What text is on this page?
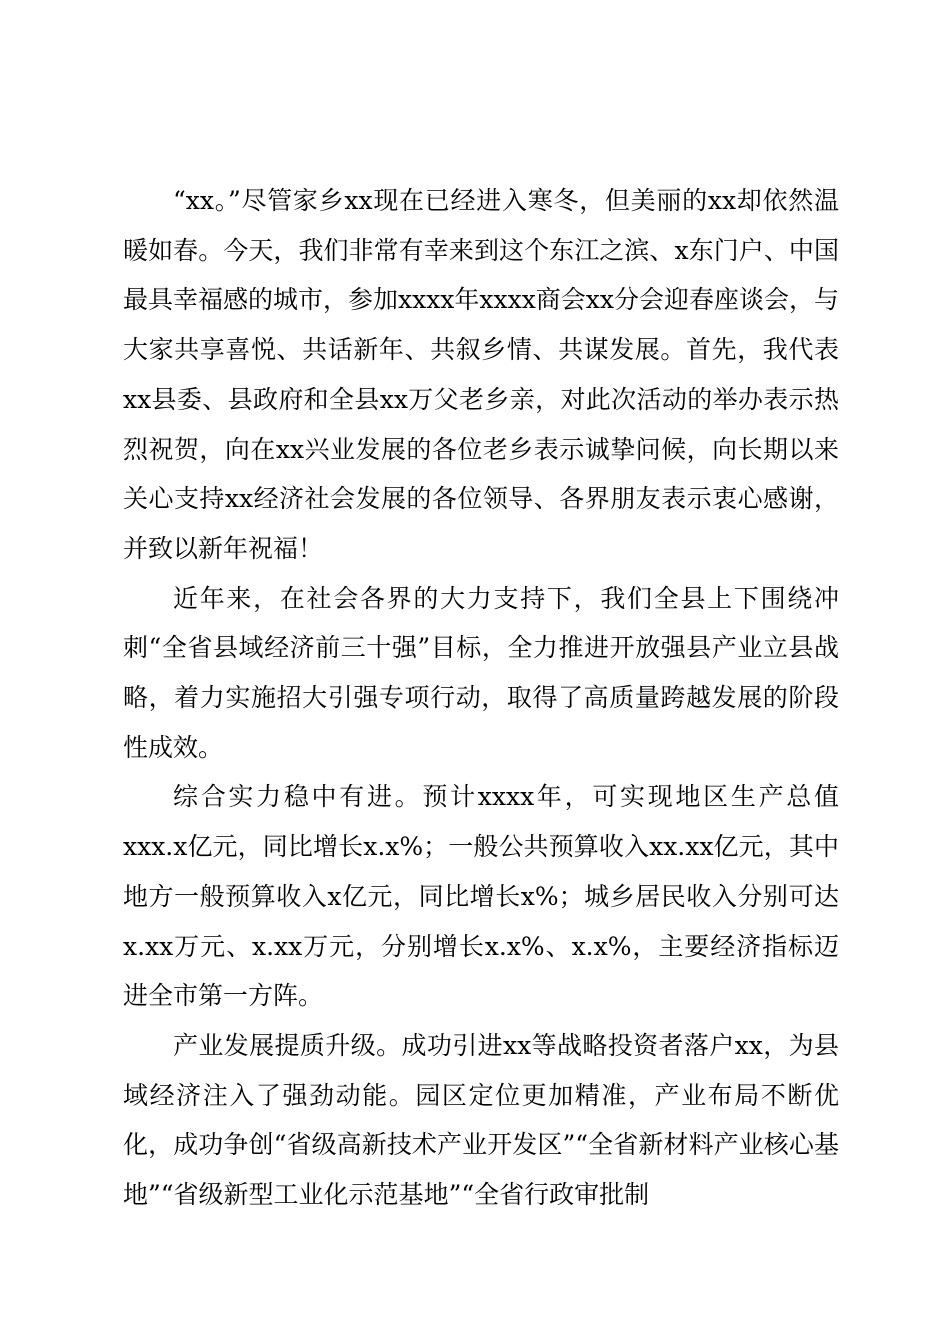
“xx。”尽管家乡xx现在已经进入寒冬，但美丽的xx却依然温暖如春。今天，我们非常有幸来到这个东江之滨、x东门户、中国最具幸福感的城市，参加xxxx年xxxx商会xx分会迎春座谈会，与大家共享喜悦、共话新年、共叙乡情、共谋发展。首先，我代表xx县委、县政府和全县xx万父老乡亲，对此次活动的举办表示热烈祝贺，向在xx兴业发展的各位老乡表示诚挚问候，向长期以来关心支持xx经济社会发展的各位领导、各界朋友表示衷心感谢，并致以新年祝福！

近年来，在社会各界的大力支持下，我们全县上下围绕冲刺“全省县域经济前三十强”目标，全力推进开放强县产业立县战略，着力实施招大引强专项行动，取得了高质量跨越发展的阶段性成效。

综合实力稳中有进。预计xxxx年，可实现地区生产总值xxx.x亿元，同比增长x.x%；一般公共预算收入xx.xx亿元，其中地方一般预算收入x亿元，同比增长x%；城乡居民收入分别可达x.xx万元、x.xx万元，分别增长x.x%、x.x%，主要经济指标迈进全市第一方阵。

产业发展提质升级。成功引进xx等战略投资者落户xx，为县域经济注入了强劲动能。园区定位更加精准，产业布局不断优化，成功争创“省级高新技术产业开发区”“全省新材料产业核心基地”“省级新型工业化示范基地”“全省行政审批制
